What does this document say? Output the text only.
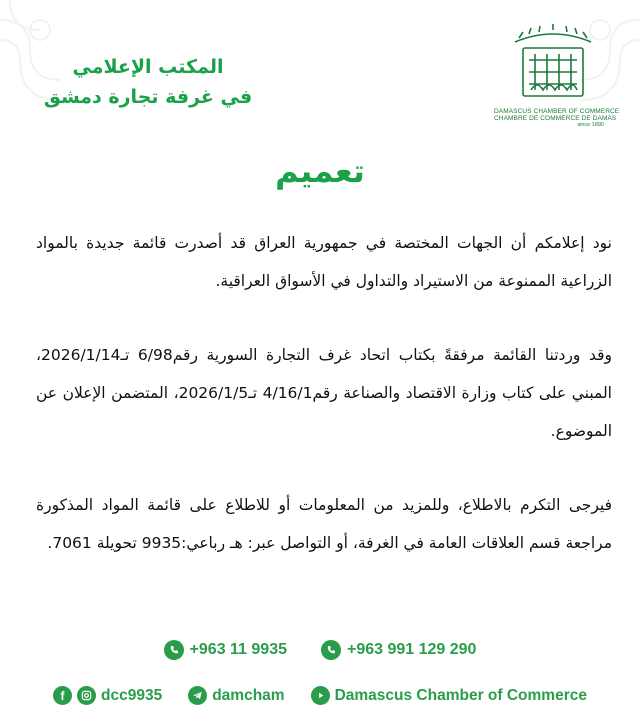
المكتب الإعلامي
في غرفة تجارة دمشق
DAMASCUS CHAMBER OF COMMERCE
CHAMBRE DE COMMERCE DE DAMAS
since 1890
تعميم
نود إعلامكم أن الجهات المختصة في جمهورية العراق قد أصدرت قائمة جديدة بالمواد الزراعية الممنوعة من الاستيراد والتداول في الأسواق العراقية.
وقد وردتنا القائمة مرفقةً بكتاب اتحاد غرف التجارة السورية رقم6/98 تـ2026/1/14، المبني على كتاب وزارة الاقتصاد والصناعة رقم4/16/1 تـ2026/1/5، المتضمن الإعلان عن الموضوع.
فيرجى التكرم بالاطلاع، وللمزيد من المعلومات أو للاطلاع على قائمة المواد المذكورة مراجعة قسم العلاقات العامة في الغرفة، أو التواصل عبر: هـ رباعي:9935 تحويلة 7061.
+963 11 9935	+963 991 129 290
f	dcc9935	damcham	Damascus Chamber of Commerce
